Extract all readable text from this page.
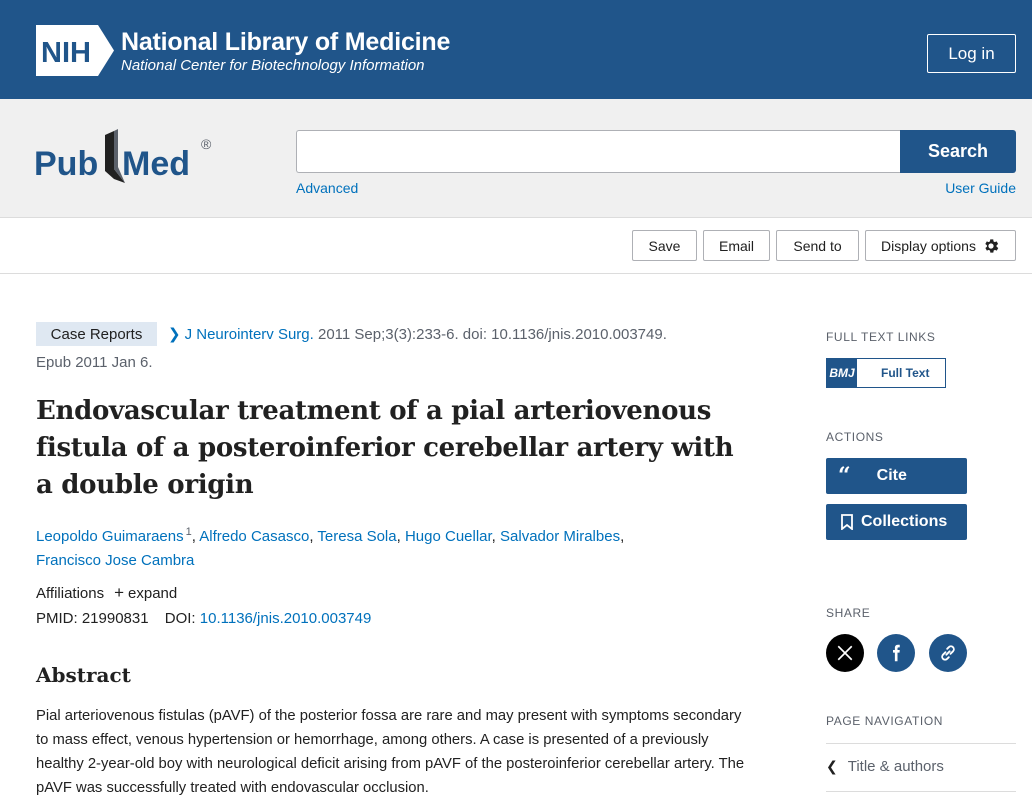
NIH National Library of Medicine
National Center for Biotechnology Information
Log in
Pub Med
®	Search
Advanced	User Guide
Save	Email	Send to	Display options
Case Reports	❯ J Neurointerv Surg. 2011 Sep;3(3):233-6. doi: 10.1136/jnis.2010.003749.
Epub 2011 Jan 6.
Endovascular treatment of a pial arteriovenous fistula of a posteroinferior cerebellar artery with a double origin
Leopoldo Guimaraens $^1$, Alfredo Casasco, Teresa Sola, Hugo Cuellar, Salvador Miralbes,
Francisco Jose Cambra
Affiliations + expand
PMID: 21990831 DOI: 10.1136/jnis.2010.003749
Abstract

Pial arteriovenous fistulas (pAVF) of the posterior fossa are rare and may present with symptoms secondary to mass effect, venous hypertension or hemorrhage, among others. A case is presented of a previously healthy 2-year-old boy with neurological deficit arising from pAVF of the posteroinferior cerebellar artery. The pAVF was successfully treated with endovascular occlusion.

FULL TEXT LINKS
BMJ Full Text
ACTIONS
“ Cite
Collections
SHARE
PAGE NAVIGATION
❮ Title & authors
